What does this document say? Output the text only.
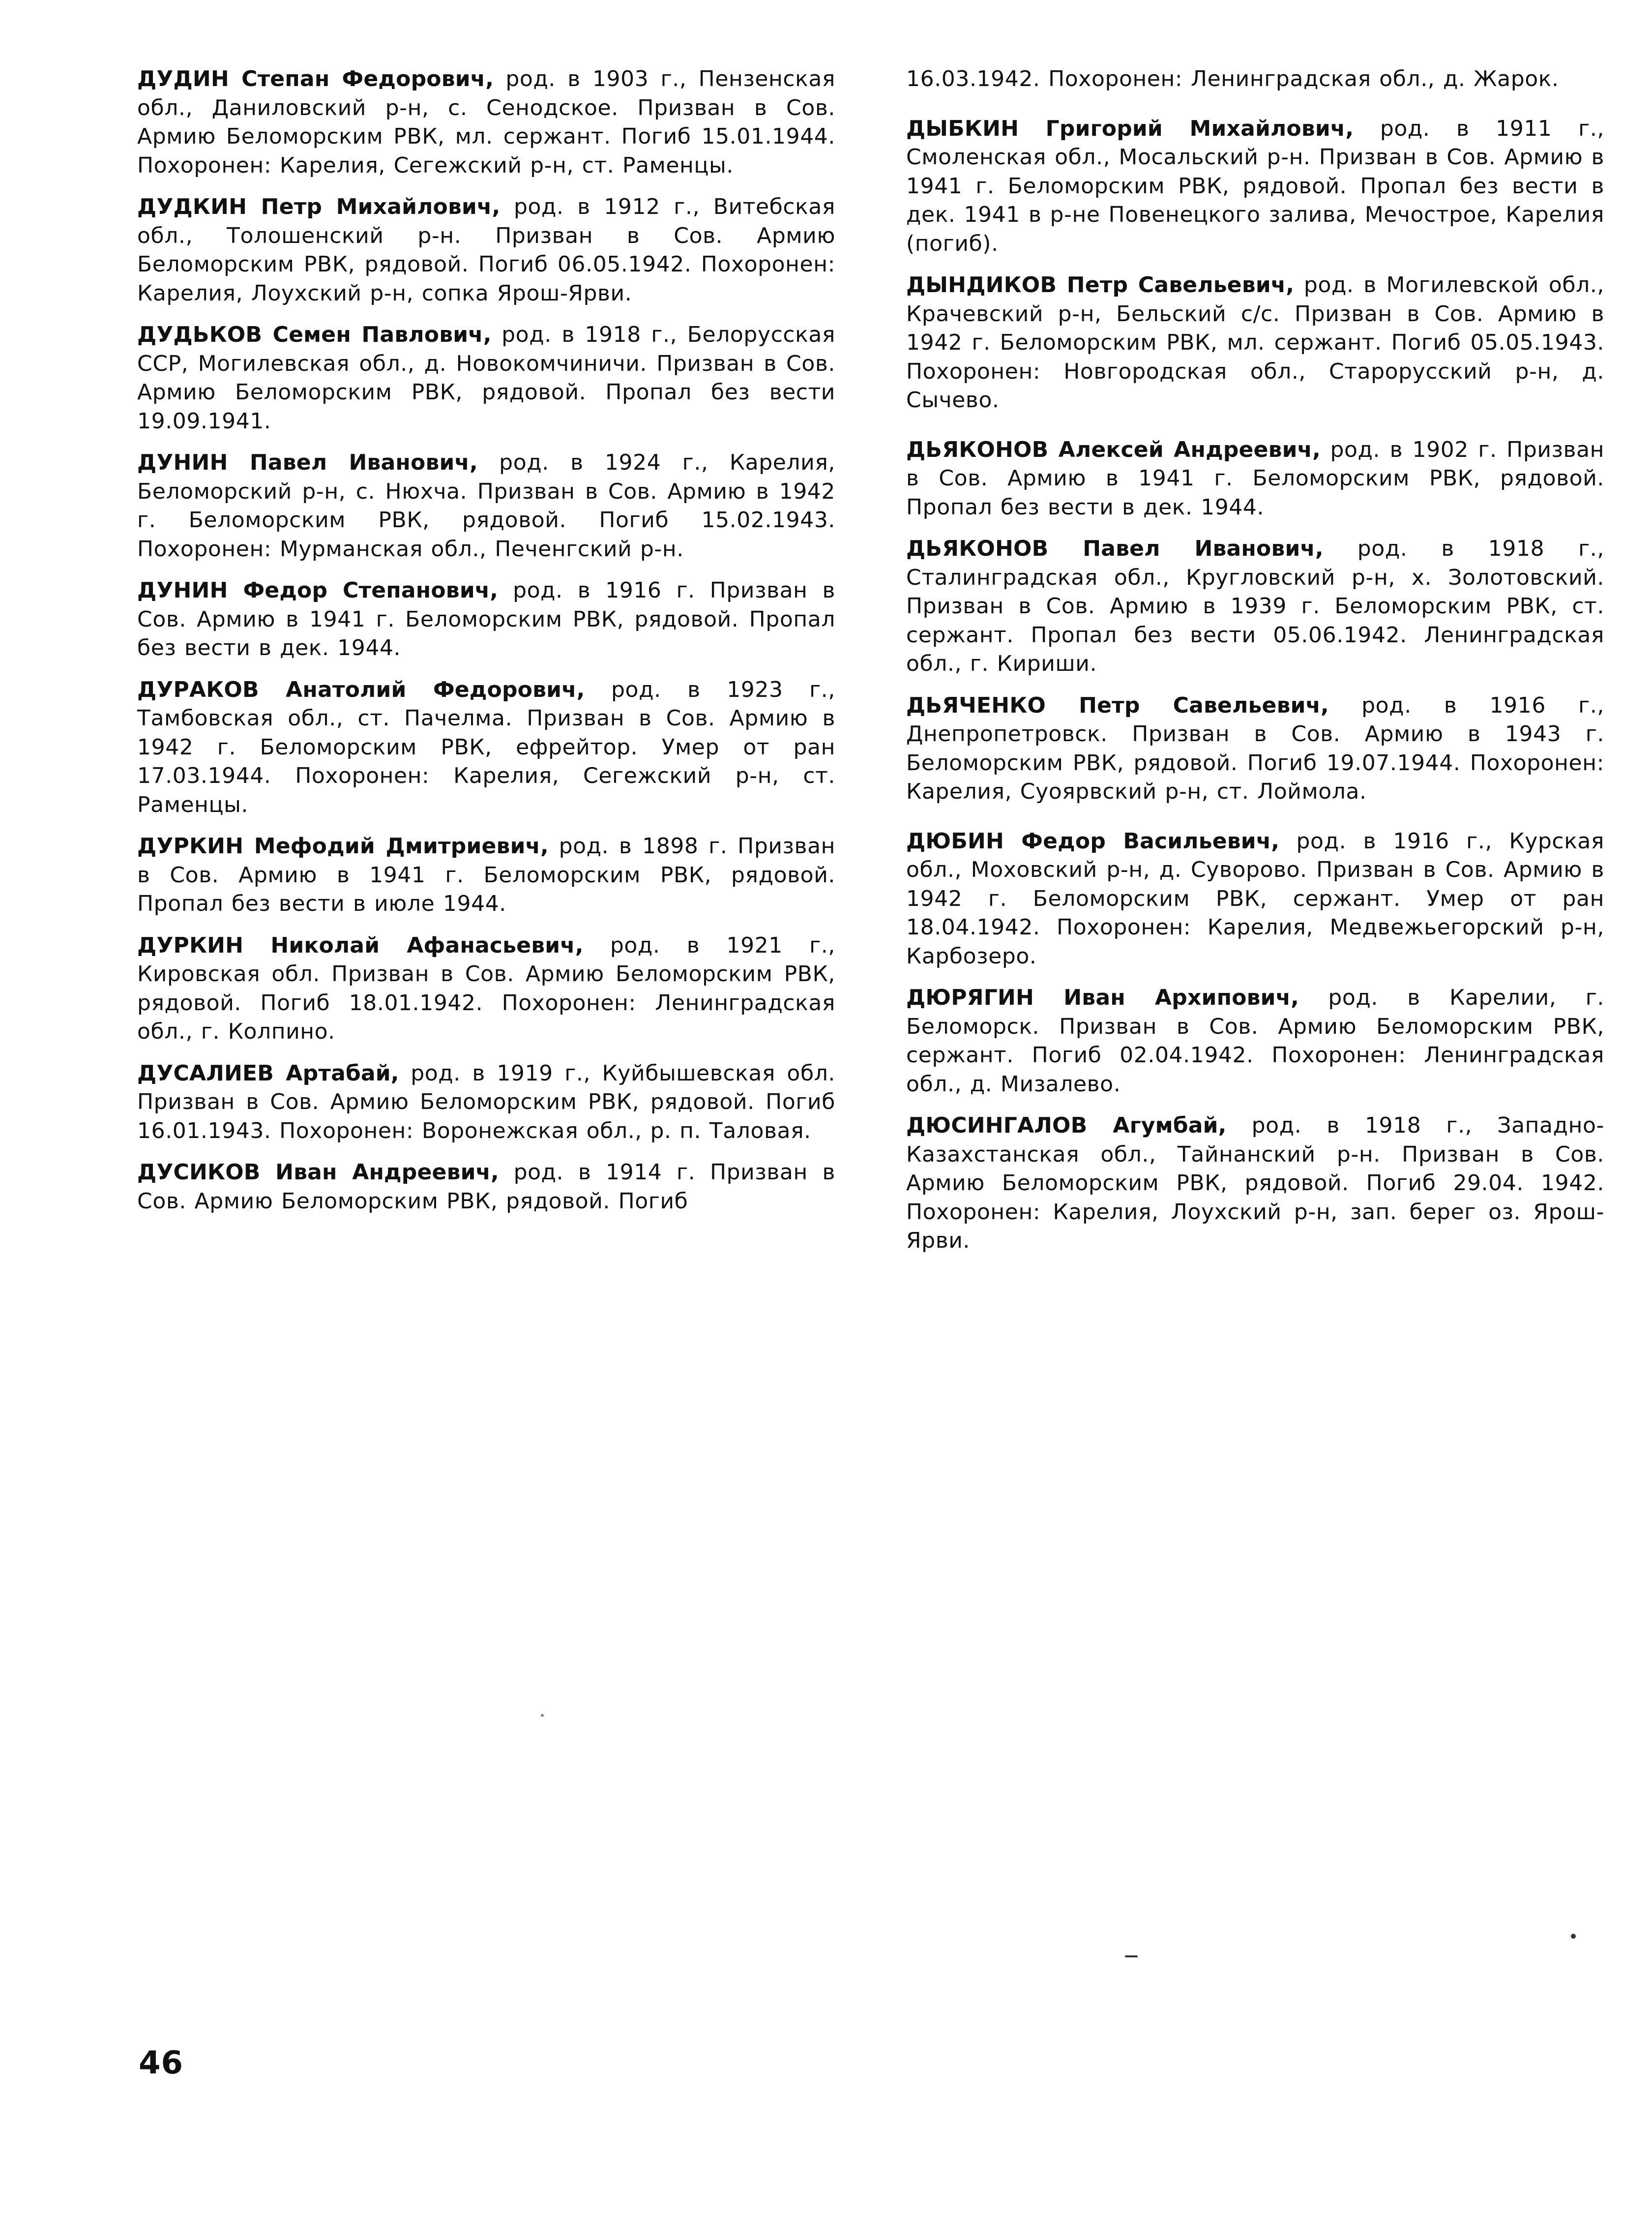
ДУДИН Степан Федорович, род. в 1903 г., Пензенская обл., Даниловский р-н, с. Сенодское. Призван в Сов. Армию Беломорским РВК, мл. сержант. Погиб 15.01.1944. Похоронен: Карелия, Сегежский р-н, ст. Раменцы.

ДУДКИН Петр Михайлович, род. в 1912 г., Витебская обл., Толошенский р-н. Призван в Сов. Армию Беломорским РВК, рядовой. Погиб 06.05.1942. Похоронен: Карелия, Лоухский р-н, сопка Ярош-Ярви.

ДУДЬКОВ Семен Павлович, род. в 1918 г., Белорусская ССР, Могилевская обл., д. Новокомчиничи. Призван в Сов. Армию Беломорским РВК, рядовой. Пропал без вести 19.09.1941.

ДУНИН Павел Иванович, род. в 1924 г., Карелия, Беломорский р-н, с. Нюхча. Призван в Сов. Армию в 1942 г. Беломорским РВК, рядовой. Погиб 15.02.1943. Похоронен: Мурманская обл., Печенгский р-н.

ДУНИН Федор Степанович, род. в 1916 г. Призван в Сов. Армию в 1941 г. Беломорским РВК, рядовой. Пропал без вести в дек. 1944.

ДУРАКОВ Анатолий Федорович, род. в 1923 г., Тамбовская обл., ст. Пачелма. Призван в Сов. Армию в 1942 г. Беломорским РВК, ефрейтор. Умер от ран 17.03.1944. Похоронен: Карелия, Сегежский р-н, ст. Раменцы.

ДУРКИН Мефодий Дмитриевич, род. в 1898 г. Призван в Сов. Армию в 1941 г. Беломорским РВК, рядовой. Пропал без вести в июле 1944.

ДУРКИН Николай Афанасьевич, род. в 1921 г., Кировская обл. Призван в Сов. Армию Беломорским РВК, рядовой. Погиб 18.01.1942. Похоронен: Ленинградская обл., г. Колпино.

ДУСАЛИЕВ Артабай, род. в 1919 г., Куйбышевская обл. Призван в Сов. Армию Беломорским РВК, рядовой. Погиб 16.01.1943. Похоронен: Воронежская обл., р. п. Таловая.

ДУСИКОВ Иван Андреевич, род. в 1914 г. Призван в Сов. Армию Беломорским РВК, рядовой. Погиб

16.03.1942. Похоронен: Ленинградская обл., д. Жарок.

ДЫБКИН Григорий Михайлович, род. в 1911 г., Смоленская обл., Мосальский р-н. Призван в Сов. Армию в 1941 г. Беломорским РВК, рядовой. Пропал без вести в дек. 1941 в р-не Повенецкого залива, Мечострое, Карелия (погиб).

ДЫНДИКОВ Петр Савельевич, род. в Могилевской обл., Крачевский р-н, Бельский с/с. Призван в Сов. Армию в 1942 г. Беломорским РВК, мл. сержант. Погиб 05.05.1943. Похоронен: Новгородская обл., Старорусский р-н, д. Сычево.

ДЬЯКОНОВ Алексей Андреевич, род. в 1902 г. Призван в Сов. Армию в 1941 г. Беломорским РВК, рядовой. Пропал без вести в дек. 1944.

ДЬЯКОНОВ Павел Иванович, род. в 1918 г., Сталинградская обл., Кругловский р-н, х. Золотовский. Призван в Сов. Армию в 1939 г. Беломорским РВК, ст. сержант. Пропал без вести 05.06.1942. Ленинградская обл., г. Кириши.

ДЬЯЧЕНКО Петр Савельевич, род. в 1916 г., Днепропетровск. Призван в Сов. Армию в 1943 г. Беломорским РВК, рядовой. Погиб 19.07.1944. Похоронен: Карелия, Суоярвский р-н, ст. Лоймола.

ДЮБИН Федор Васильевич, род. в 1916 г., Курская обл., Моховский р-н, д. Суворово. Призван в Сов. Армию в 1942 г. Беломорским РВК, сержант. Умер от ран 18.04.1942. Похоронен: Карелия, Медвежьегорский р-н, Карбозеро.

ДЮРЯГИН Иван Архипович, род. в Карелии, г. Беломорск. Призван в Сов. Армию Беломорским РВК, сержант. Погиб 02.04.1942. Похоронен: Ленинградская обл., д. Мизалево.

ДЮСИНГАЛОВ Агумбай, род. в 1918 г., Западно-Казахстанская обл., Тайнанский р-н. Призван в Сов. Армию Беломорским РВК, рядовой. Погиб 29.04. 1942. Похоронен: Карелия, Лоухский р-н, зап. берег оз. Ярош-Ярви.

46
